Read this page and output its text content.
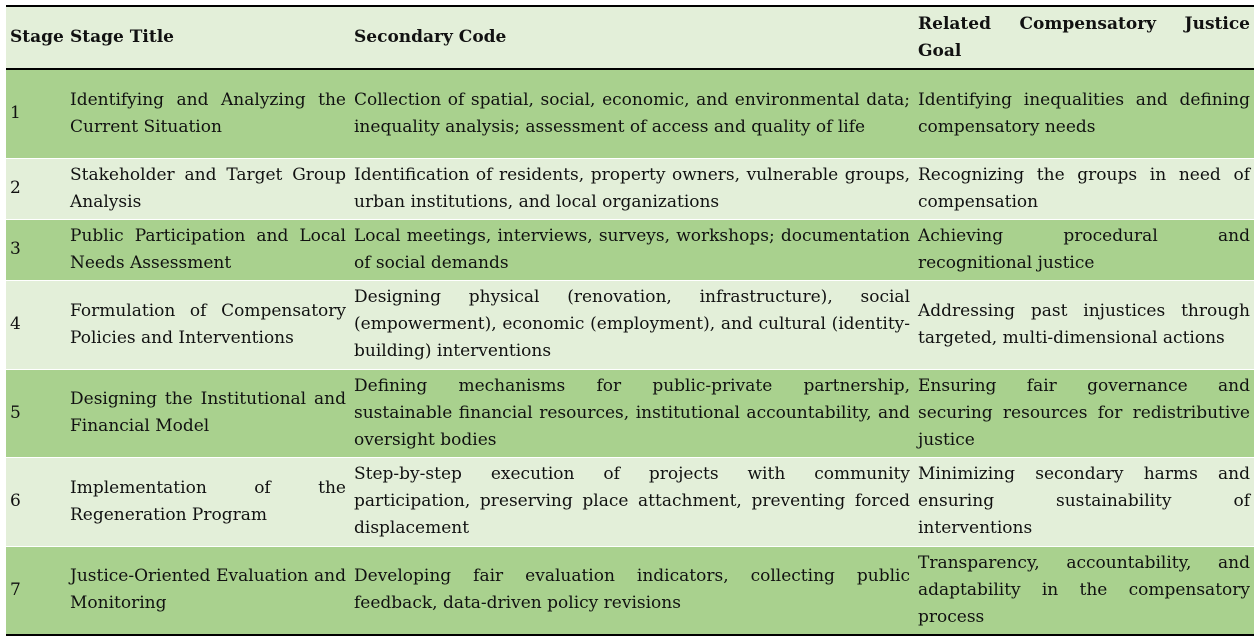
Stage	Stage Title	Secondary Code	Related Compensatory Justice Goal
1	Identifying and Analyzing the Current Situation	Collection of spatial, social, economic, and environmental data; inequality analysis; assessment of access and quality of life	Identifying inequalities and defining compensatory needs
2	Stakeholder and Target Group Analysis	Identification of residents, property owners, vulnerable groups, urban institutions, and local organizations	Recognizing the groups in need of compensation
3	Public Participation and Local Needs Assessment	Local meetings, interviews, surveys, workshops; documentation of social demands	Achieving procedural and recognitional justice
4	Formulation of Compensatory Policies and Interventions	Designing physical (renovation, infrastructure), social (empowerment), economic (employment), and cultural (identity-building) interventions	Addressing past injustices through targeted, multi-dimensional actions
5	Designing the Institutional and Financial Model	Defining mechanisms for public-private partnership, sustainable financial resources, institutional accountability, and oversight bodies	Ensuring fair governance and securing resources for redistributive justice
6	Implementation of the Regeneration Program	Step-by-step execution of projects with community participation, preserving place attachment, preventing forced displacement	Minimizing secondary harms and ensuring sustainability of interventions
7	Justice-Oriented Evaluation and Monitoring	Developing fair evaluation indicators, collecting public feedback, data-driven policy revisions	Transparency, accountability, and adaptability in the compensatory process
